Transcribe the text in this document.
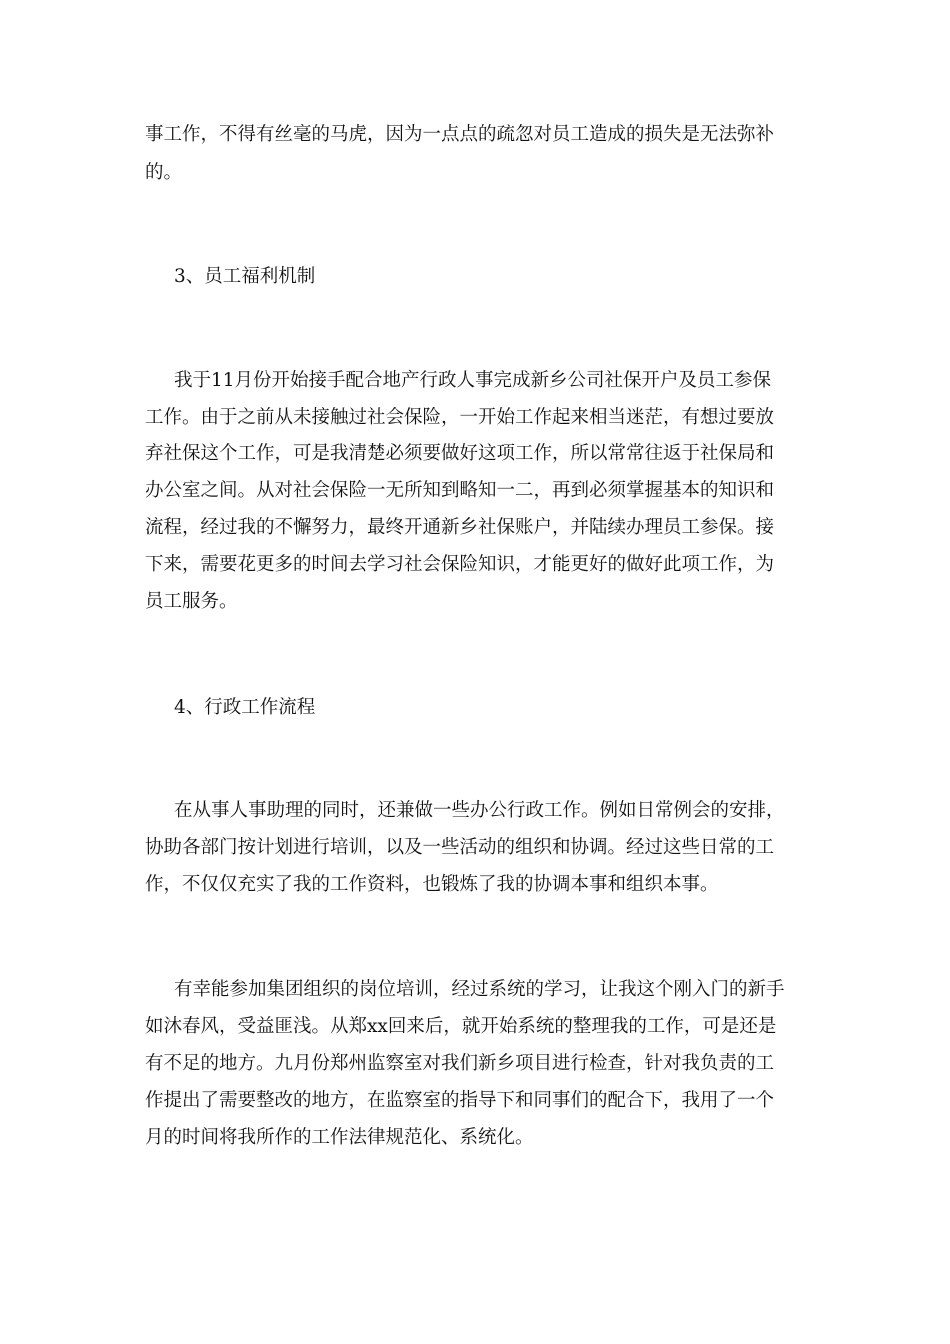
事工作，不得有丝毫的马虎，因为一点点的疏忽对员工造成的损失是无法弥补
的。
3、员工福利机制
我于11月份开始接手配合地产行政人事完成新乡公司社保开户及员工参保
工作。由于之前从未接触过社会保险，一开始工作起来相当迷茫，有想过要放
弃社保这个工作，可是我清楚必须要做好这项工作，所以常常往返于社保局和
办公室之间。从对社会保险一无所知到略知一二，再到必须掌握基本的知识和
流程，经过我的不懈努力，最终开通新乡社保账户，并陆续办理员工参保。接
下来，需要花更多的时间去学习社会保险知识，才能更好的做好此项工作，为
员工服务。
4、行政工作流程
在从事人事助理的同时，还兼做一些办公行政工作。例如日常例会的安排，
协助各部门按计划进行培训，以及一些活动的组织和协调。经过这些日常的工
作，不仅仅充实了我的工作资料，也锻炼了我的协调本事和组织本事。
有幸能参加集团组织的岗位培训，经过系统的学习，让我这个刚入门的新手
如沐春风，受益匪浅。从郑xx回来后，就开始系统的整理我的工作，可是还是
有不足的地方。九月份郑州监察室对我们新乡项目进行检查，针对我负责的工
作提出了需要整改的地方，在监察室的指导下和同事们的配合下，我用了一个
月的时间将我所作的工作法律规范化、系统化。
